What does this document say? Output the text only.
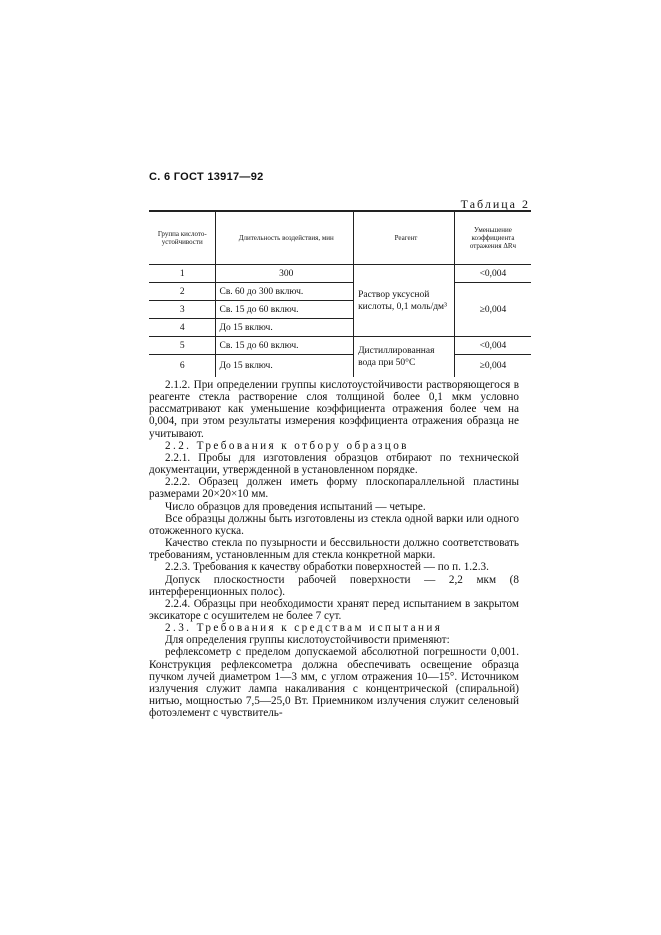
С. 6 ГОСТ 13917—92
Таблица 2
Группа кислото- устойчивости	Длительность воздействия, мин	Реагент	Уменьшение коэффициента отражения ΔRч
1	300	Раствор уксусной кислоты, 0,1 моль/дм³	<0,004
2	Св. 60 до 300 включ.		≥0,004
3	Св. 15 до 60 включ.		
4	До 15 включ.		
5	Св. 15 до 60 включ.	Дистиллированная вода при 50°С	<0,004
6	До 15 включ.		≥0,004

2.1.2. При определении группы кислотоустойчивости растворяющегося в реагенте стекла растворение слоя толщиной более 0,1 мкм условно рассматривают как уменьшение коэффициента отражения более чем на 0,004, при этом результаты измерения коэффициента отражения образца не учитывают.

2.2. Требования к отбору образцов

2.2.1. Пробы для изготовления образцов отбирают по технической документации, утвержденной в установленном порядке.

2.2.2. Образец должен иметь форму плоскопараллельной пластины размерами 20×20×10 мм.

Число образцов для проведения испытаний — четыре.

Все образцы должны быть изготовлены из стекла одной варки или одного отожженного куска.

Качество стекла по пузырности и бессвильности должно соответствовать требованиям, установленным для стекла конкретной марки.

2.2.3. Требования к качеству обработки поверхностей — по п. 1.2.3.

Допуск плоскостности рабочей поверхности — 2,2 мкм (8 интерференционных полос).

2.2.4. Образцы при необходимости хранят перед испытанием в закрытом эксикаторе с осушителем не более 7 сут.

2.3. Требования к средствам испытания

Для определения группы кислотоустойчивости применяют:

рефлексометр с пределом допускаемой абсолютной погрешности 0,001. Конструкция рефлексометра должна обеспечивать освещение образца пучком лучей диаметром 1—3 мм, с углом отражения 10—15°. Источником излучения служит лампа накаливания с концентрической (спиральной) нитью, мощностью 7,5—25,0 Вт. Приемником излучения служит селеновый фотоэлемент с чувствитель-
